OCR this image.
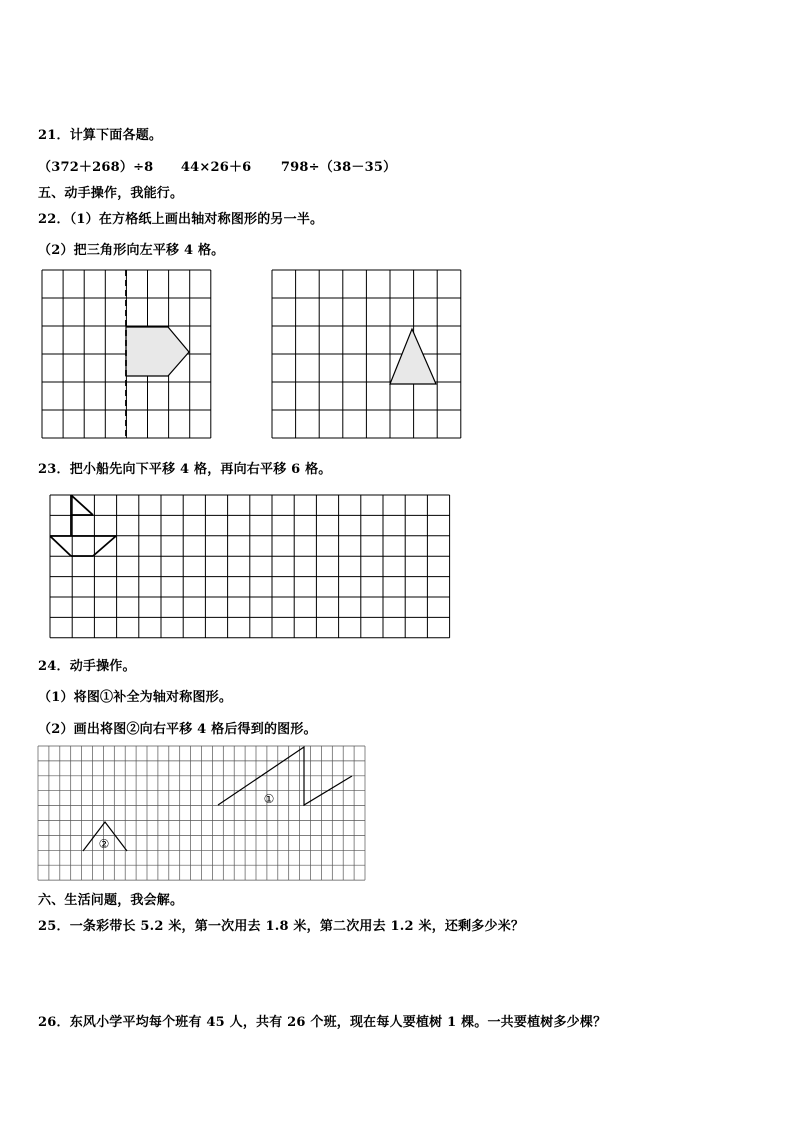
21．计算下面各题。
（372＋268）÷8 44×26＋6 798÷（38－35）
五、动手操作，我能行。
22．（1）在方格纸上画出轴对称图形的另一半。
（2）把三角形向左平移 4 格。
23．把小船先向下平移 4 格，再向右平移 6 格。
24．动手操作。
（1）将图①补全为轴对称图形。
（2）画出将图②向右平移 4 格后得到的图形。
六、生活问题，我会解。
25．一条彩带长 5.2 米，第一次用去 1.8 米，第二次用去 1.2 米，还剩多少米？
26．东风小学平均每个班有 45 人，共有 26 个班，现在每人要植树 1 棵。一共要植树多少棵？
①
②
